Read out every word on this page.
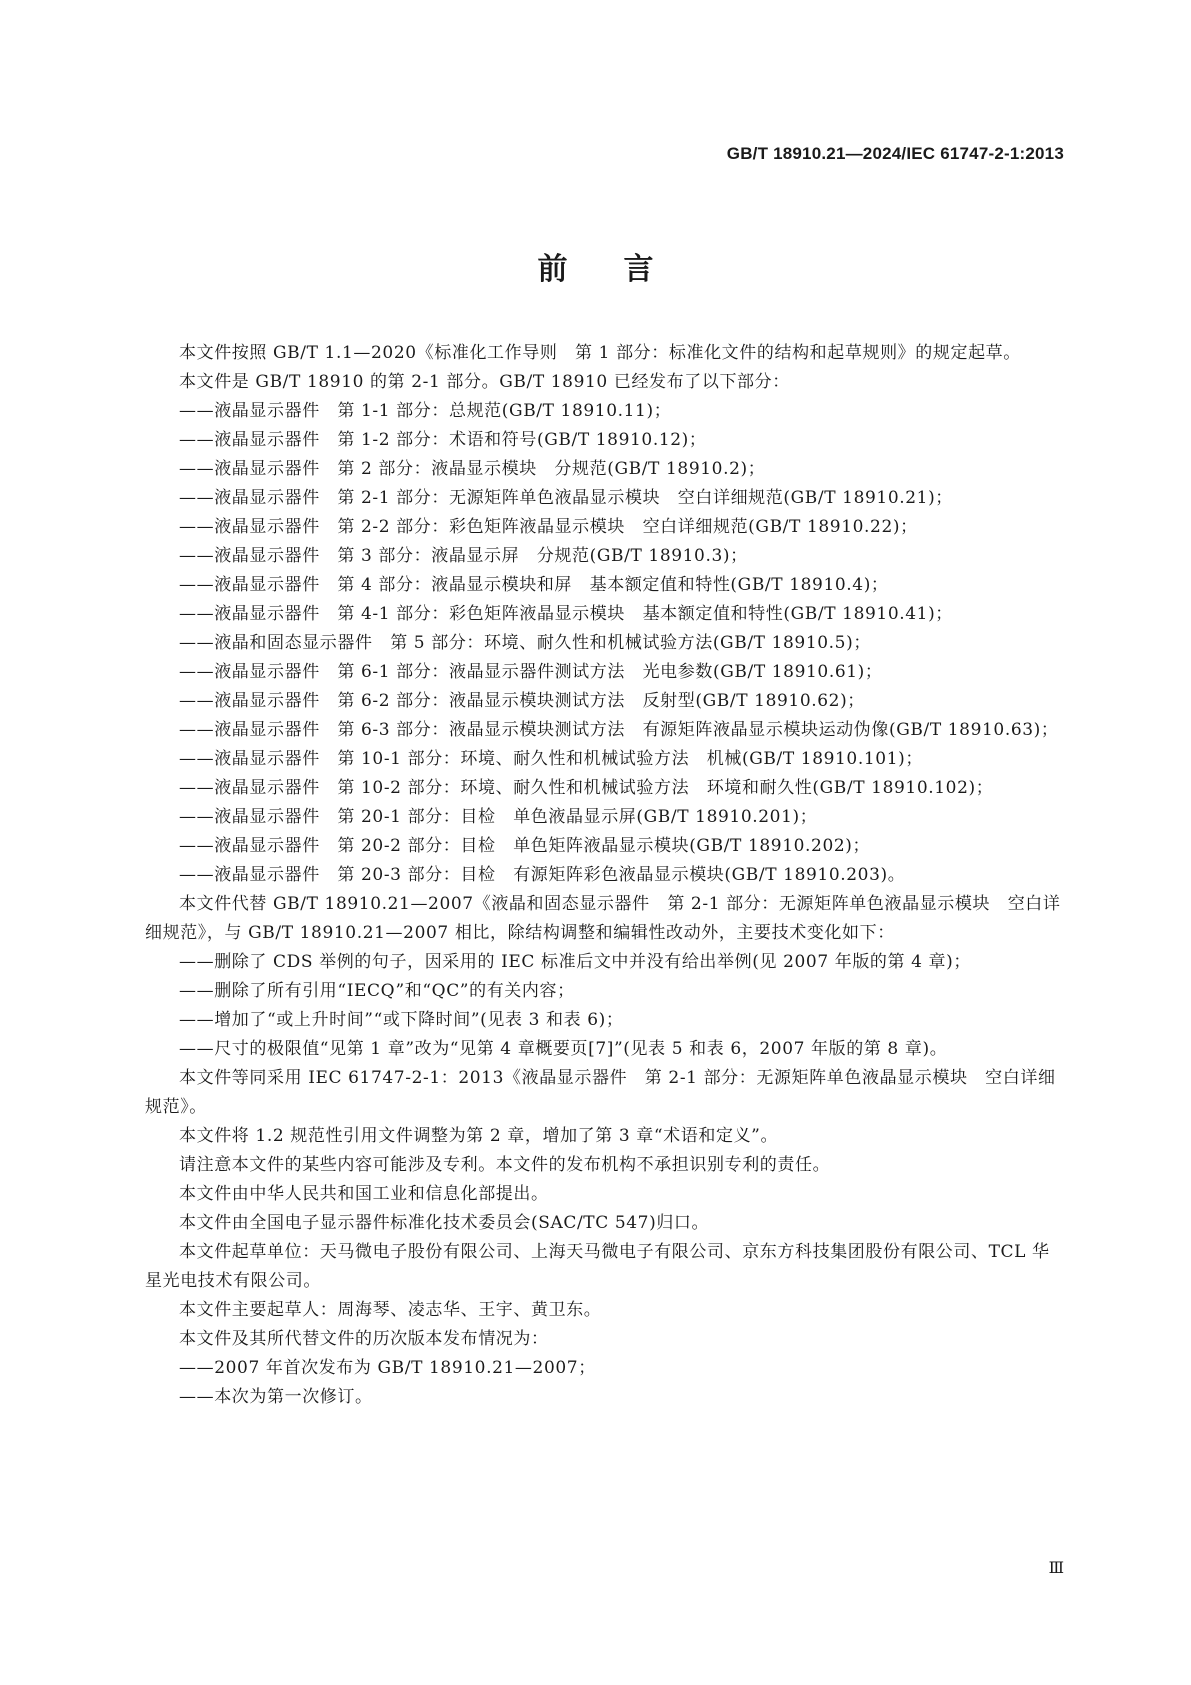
GB/T 18910.21—2024/IEC 61747-2-1:2013
前言

本文件按照 GB/T 1.1—2020《标准化工作导则　第 1 部分：标准化文件的结构和起草规则》的规定起草。

本文件是 GB/T 18910 的第 2-1 部分。GB/T 18910 已经发布了以下部分：

——液晶显示器件　第 1-1 部分：总规范(GB/T 18910.11)；

——液晶显示器件　第 1-2 部分：术语和符号(GB/T 18910.12)；

——液晶显示器件　第 2 部分：液晶显示模块　分规范(GB/T 18910.2)；

——液晶显示器件　第 2-1 部分：无源矩阵单色液晶显示模块　空白详细规范(GB/T 18910.21)；

——液晶显示器件　第 2-2 部分：彩色矩阵液晶显示模块　空白详细规范(GB/T 18910.22)；

——液晶显示器件　第 3 部分：液晶显示屏　分规范(GB/T 18910.3)；

——液晶显示器件　第 4 部分：液晶显示模块和屏　基本额定值和特性(GB/T 18910.4)；

——液晶显示器件　第 4-1 部分：彩色矩阵液晶显示模块　基本额定值和特性(GB/T 18910.41)；

——液晶和固态显示器件　第 5 部分：环境、耐久性和机械试验方法(GB/T 18910.5)；

——液晶显示器件　第 6-1 部分：液晶显示器件测试方法　光电参数(GB/T 18910.61)；

——液晶显示器件　第 6-2 部分：液晶显示模块测试方法　反射型(GB/T 18910.62)；

——液晶显示器件　第 6-3 部分：液晶显示模块测试方法　有源矩阵液晶显示模块运动伪像(GB/T 18910.63)；

——液晶显示器件　第 10-1 部分：环境、耐久性和机械试验方法　机械(GB/T 18910.101)；

——液晶显示器件　第 10-2 部分：环境、耐久性和机械试验方法　环境和耐久性(GB/T 18910.102)；

——液晶显示器件　第 20-1 部分：目检　单色液晶显示屏(GB/T 18910.201)；

——液晶显示器件　第 20-2 部分：目检　单色矩阵液晶显示模块(GB/T 18910.202)；

——液晶显示器件　第 20-3 部分：目检　有源矩阵彩色液晶显示模块(GB/T 18910.203)。

本文件代替 GB/T 18910.21—2007《液晶和固态显示器件　第 2-1 部分：无源矩阵单色液晶显示模块　空白详细规范》，与 GB/T 18910.21—2007 相比，除结构调整和编辑性改动外，主要技术变化如下：

——删除了 CDS 举例的句子，因采用的 IEC 标准后文中并没有给出举例(见 2007 年版的第 4 章)；

——删除了所有引用“IECQ”和“QC”的有关内容；

——增加了“或上升时间”“或下降时间”(见表 3 和表 6)；

——尺寸的极限值“见第 1 章”改为“见第 4 章概要页[7]”(见表 5 和表 6，2007 年版的第 8 章)。

本文件等同采用 IEC 61747-2-1：2013《液晶显示器件　第 2-1 部分：无源矩阵单色液晶显示模块　空白详细规范》。

本文件将 1.2 规范性引用文件调整为第 2 章，增加了第 3 章“术语和定义”。

请注意本文件的某些内容可能涉及专利。本文件的发布机构不承担识别专利的责任。

本文件由中华人民共和国工业和信息化部提出。

本文件由全国电子显示器件标准化技术委员会(SAC/TC 547)归口。

本文件起草单位：天马微电子股份有限公司、上海天马微电子有限公司、京东方科技集团股份有限公司、TCL 华星光电技术有限公司。

本文件主要起草人：周海琴、凌志华、王宇、黄卫东。

本文件及其所代替文件的历次版本发布情况为：

——2007 年首次发布为 GB/T 18910.21—2007；

——本次为第一次修订。

Ⅲ
